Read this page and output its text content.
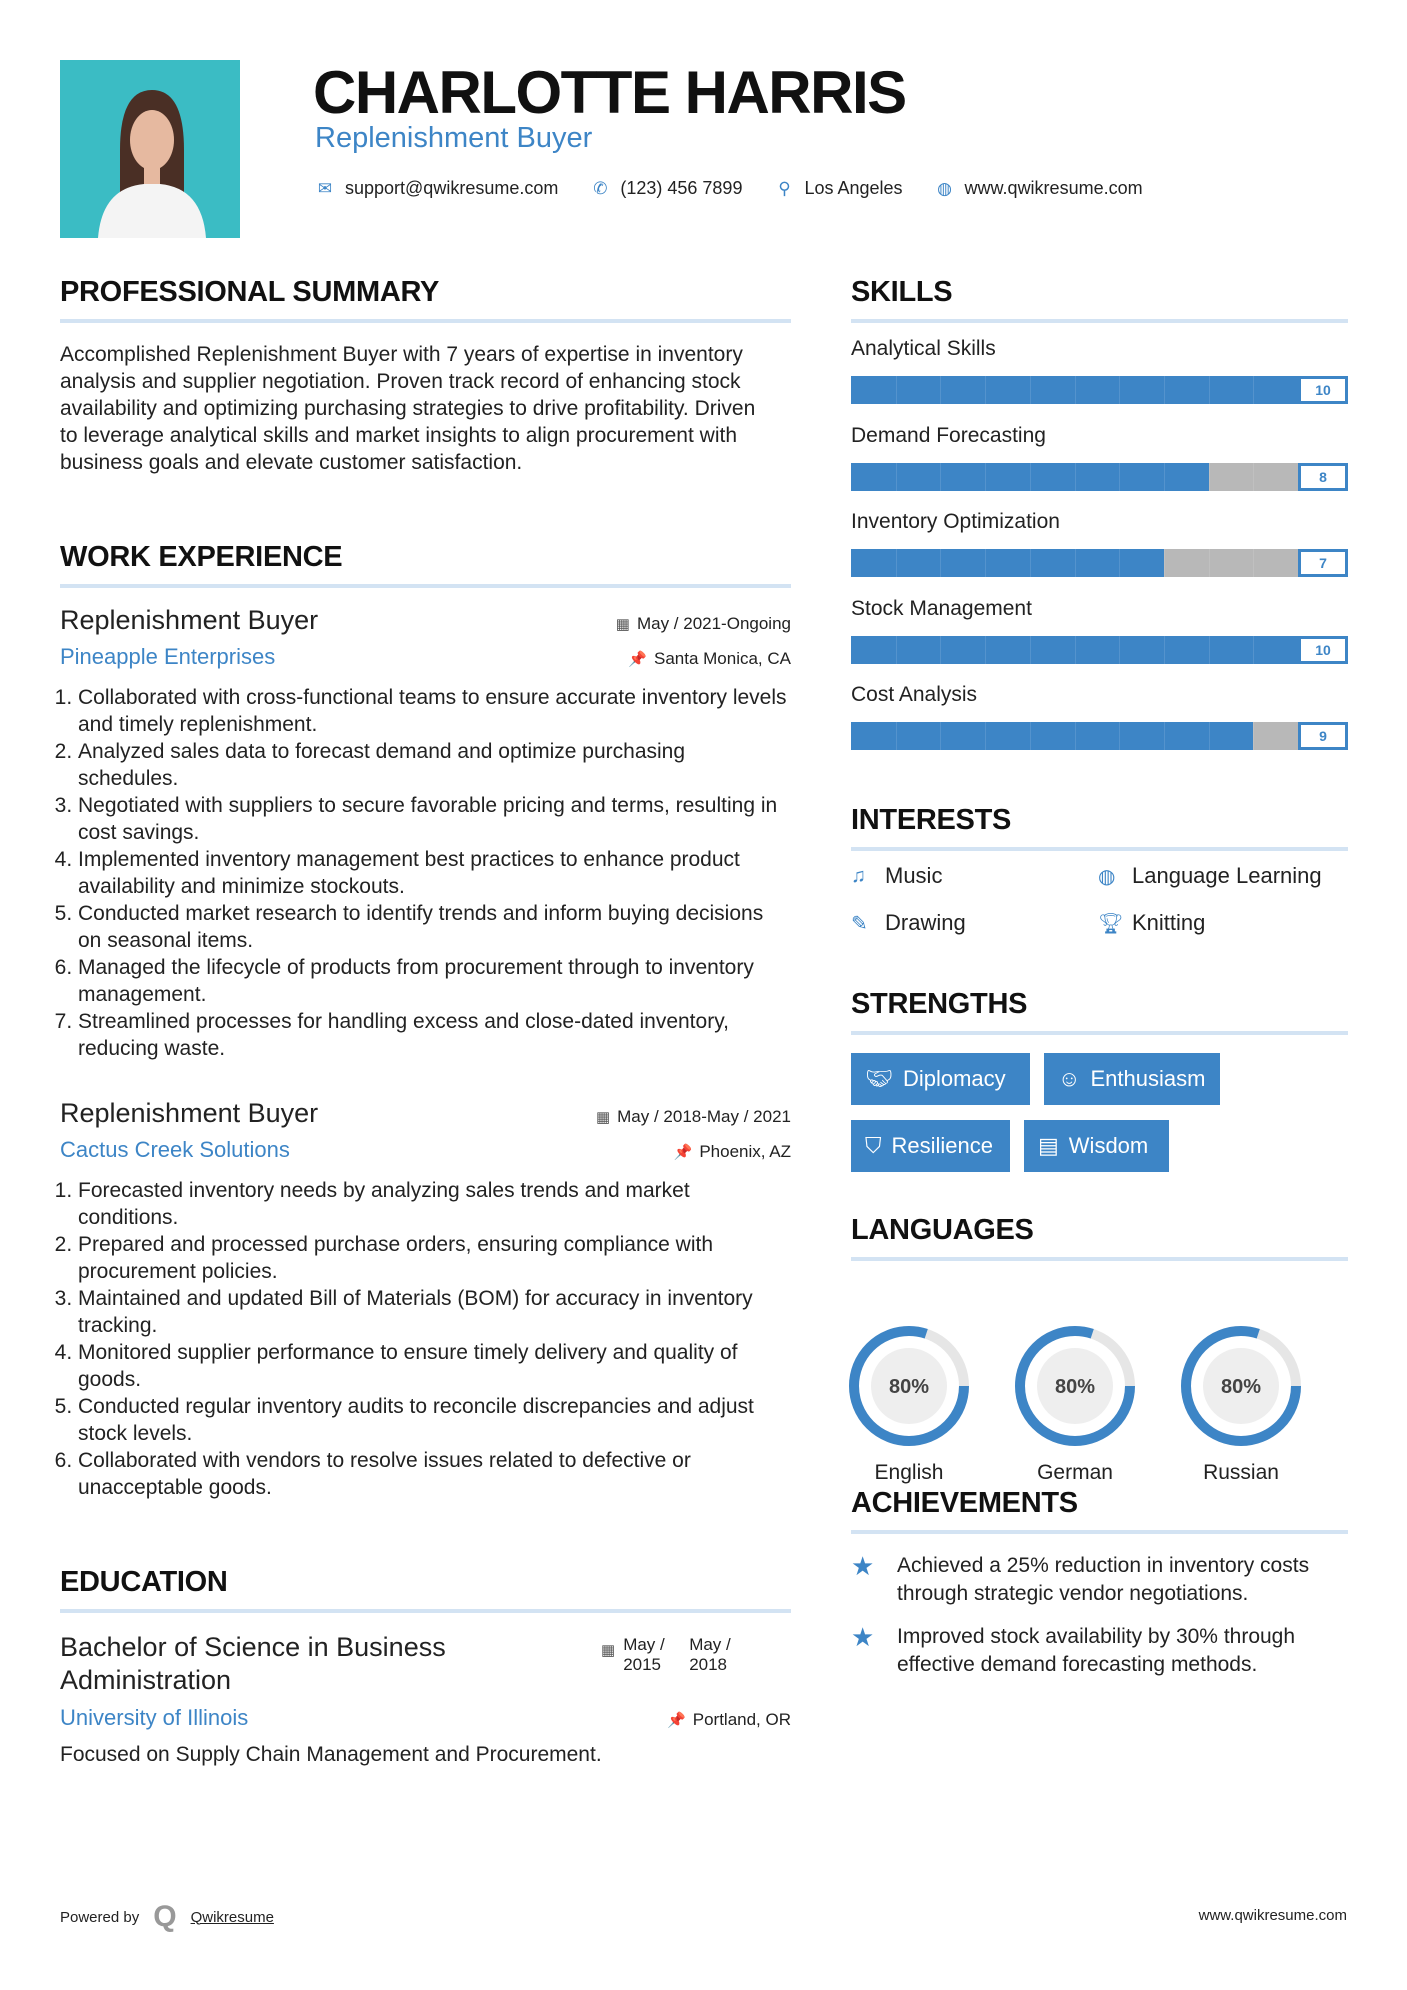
CHARLOTTE HARRIS
Replenishment Buyer
✉ support@qwikresume.com ✆ (123) 456 7899 ⚲ Los Angeles ◍ www.qwikresume.com
PROFESSIONAL SUMMARY

Accomplished Replenishment Buyer with 7 years of expertise in inventory analysis and supplier negotiation. Proven track record of enhancing stock availability and optimizing purchasing strategies to drive profitability. Driven to leverage analytical skills and market insights to align procurement with business goals and elevate customer satisfaction.

WORK EXPERIENCE
Replenishment Buyer	▦ May / 2021-Ongoing
Pineapple Enterprises	📌 Santa Monica, CA
1. Collaborated with cross-functional teams to ensure accurate inventory levels and timely replenishment.
2. Analyzed sales data to forecast demand and optimize purchasing schedules.
3. Negotiated with suppliers to secure favorable pricing and terms, resulting in cost savings.
4. Implemented inventory management best practices to enhance product availability and minimize stockouts.
5. Conducted market research to identify trends and inform buying decisions on seasonal items.
6. Managed the lifecycle of products from procurement through to inventory management.
7. Streamlined processes for handling excess and close-dated inventory, reducing waste.
Replenishment Buyer	▦ May / 2018-May / 2021
Cactus Creek Solutions	📌 Phoenix, AZ
1. Forecasted inventory needs by analyzing sales trends and market conditions.
2. Prepared and processed purchase orders, ensuring compliance with procurement policies.
3. Maintained and updated Bill of Materials (BOM) for accuracy in inventory tracking.
4. Monitored supplier performance to ensure timely delivery and quality of goods.
5. Conducted regular inventory audits to reconcile discrepancies and adjust stock levels.
6. Collaborated with vendors to resolve issues related to defective or unacceptable goods.
EDUCATION
Bachelor of Science in Business Administration
▦ May / 2015
May / 2018
University of Illinois	📌 Portland, OR

Focused on Supply Chain Management and Procurement.

SKILLS
Analytical Skills
10
Demand Forecasting
8
Inventory Optimization
7
Stock Management
10
Cost Analysis
9
INTERESTS
♫ Music	◍ Language Learning
✎ Drawing	🏆︎ Knitting
STRENGTHS
🤝︎ Diplomacy ☺ Enthusiasm
⛉ Resilience ▤ Wisdom
LANGUAGES
80%
English
80%
German
80%
Russian
ACHIEVEMENTS
★	Achieved a 25% reduction in inventory costs through strategic vendor negotiations.
★	Improved stock availability by 30% through effective demand forecasting methods.
Powered by Q Qwikresume	www.qwikresume.com
